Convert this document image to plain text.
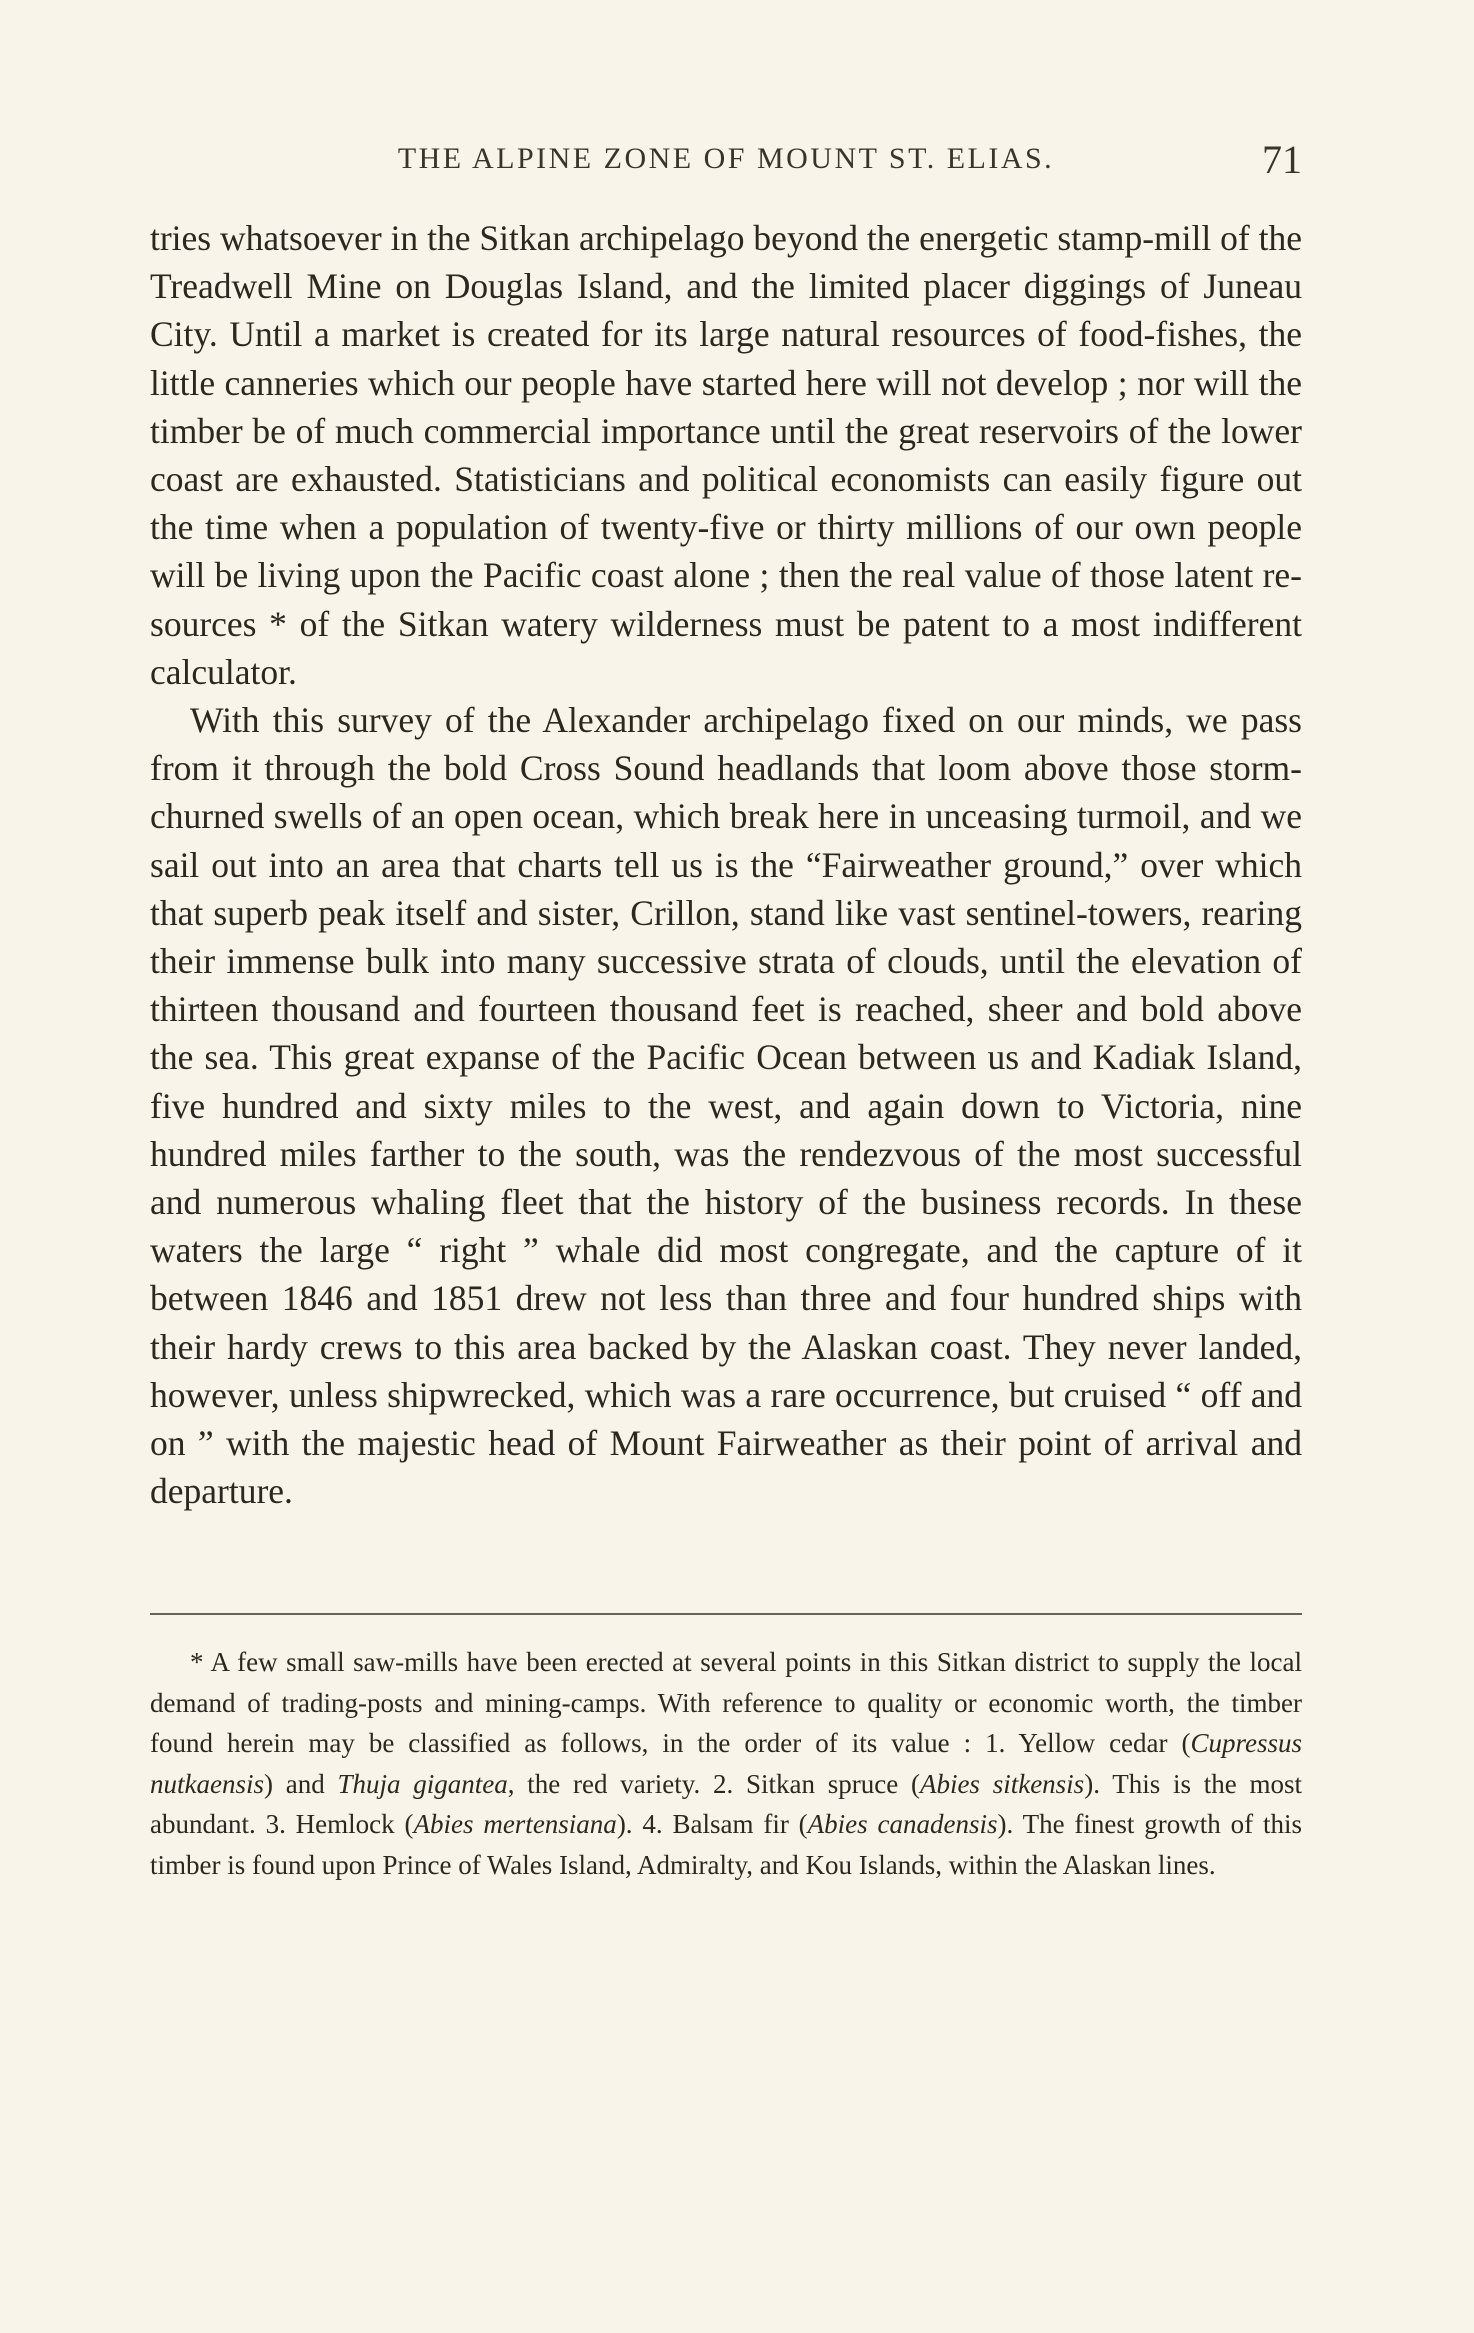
THE ALPINE ZONE OF MOUNT ST. ELIAS.	71

tries whatsoever in the Sitkan archipelago beyond the energetic stamp-mill of the Treadwell Mine on Douglas Island, and the limited placer diggings of Juneau City. Until a market is created for its large natural resources of food-fishes, the little canneries which our people have started here will not develop ; nor will the timber be of much commercial importance until the great reservoirs of the lower coast are exhausted. Statisticians and political economists can easily figure out the time when a population of twenty-five or thirty millions of our own people will be living upon the Pacific coast alone ; then the real value of those latent resources * of the Sitkan watery wilderness must be patent to a most indifferent calculator.

With this survey of the Alexander archipelago fixed on our minds, we pass from it through the bold Cross Sound headlands that loom above those storm-churned swells of an open ocean, which break here in unceasing turmoil, and we sail out into an area that charts tell us is the “Fairweather ground,” over which that superb peak itself and sister, Crillon, stand like vast sentinel-towers, rearing their immense bulk into many successive strata of clouds, until the elevation of thirteen thousand and fourteen thousand feet is reached, sheer and bold above the sea. This great expanse of the Pacific Ocean between us and Kadiak Island, five hundred and sixty miles to the west, and again down to Victoria, nine hundred miles farther to the south, was the rendezvous of the most successful and numerous whaling fleet that the history of the business records. In these waters the large “ right ” whale did most congregate, and the capture of it between 1846 and 1851 drew not less than three and four hundred ships with their hardy crews to this area backed by the Alaskan coast. They never landed, however, unless shipwrecked, which was a rare occurrence, but cruised “ off and on ” with the majestic head of Mount Fairweather as their point of arrival and departure.

* A few small saw-mills have been erected at several points in this Sitkan district to supply the local demand of trading-posts and mining-camps. With reference to quality or economic worth, the timber found herein may be classified as follows, in the order of its value : 1. Yellow cedar (Cupressus nutkaensis) and Thuja gigantea, the red variety. 2. Sitkan spruce (Abies sitkensis). This is the most abundant. 3. Hemlock (Abies mertensiana). 4. Balsam fir (Abies canadensis). The finest growth of this timber is found upon Prince of Wales Island, Admiralty, and Kou Islands, within the Alaskan lines.
